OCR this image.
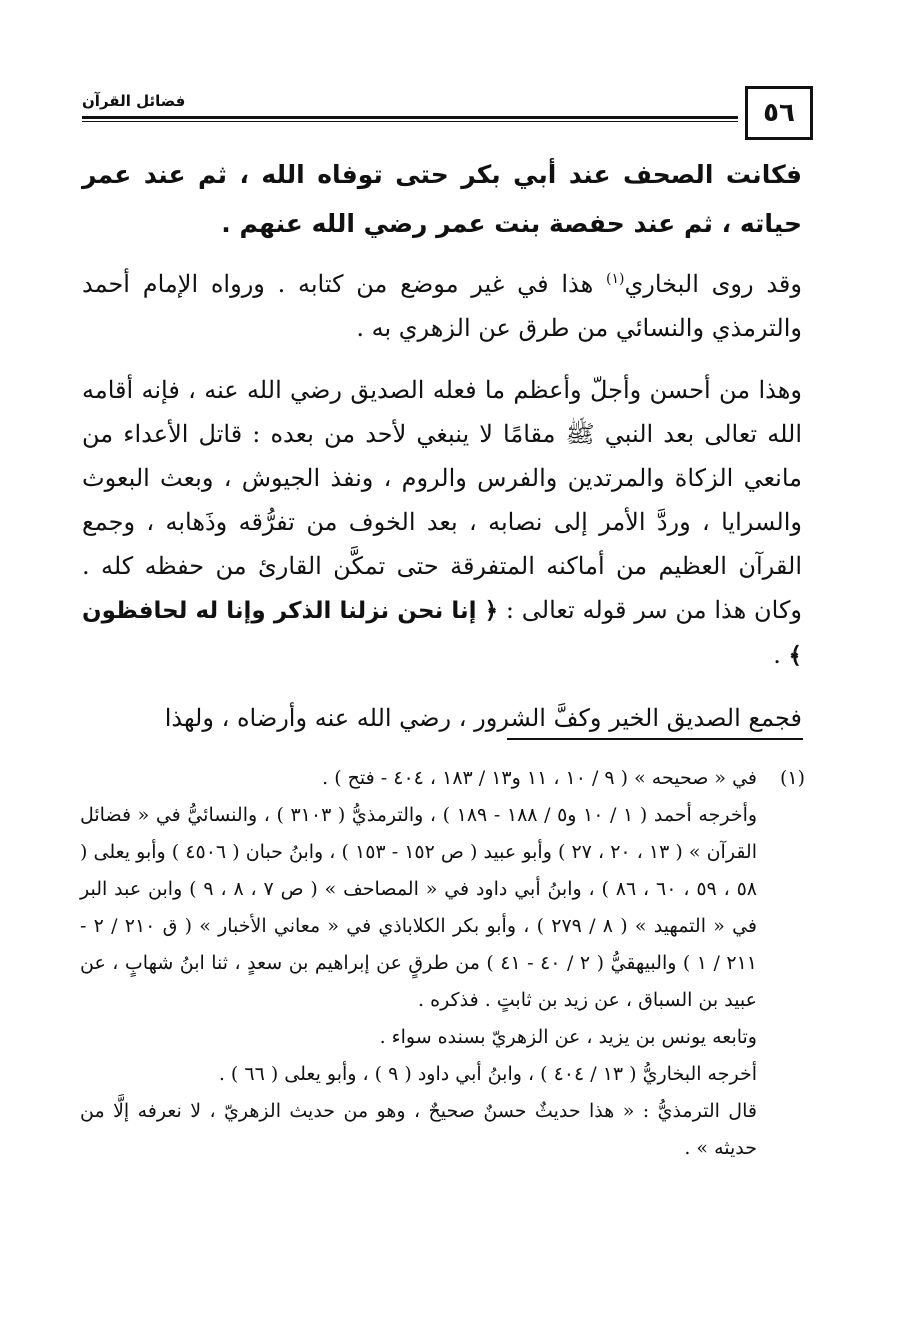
٥٦
فضائل القرآن

فكانت الصحف عند أبي بكر حتى توفاه الله ، ثم عند عمر حياته ، ثم عند حفصة بنت عمر رضي الله عنهم .

وقد روى البخاري$^{(١)}$ هذا في غير موضع من كتابه . ورواه الإمام أحمد والترمذي والنسائي من طرق عن الزهري به .

وهذا من أحسن وأجلّ وأعظم ما فعله الصديق رضي الله عنه ، فإنه أقامه الله تعالى بعد النبي ﷺ مقامًا لا ينبغي لأحد من بعده : قاتل الأعداء من مانعي الزكاة والمرتدين والفرس والروم ، ونفذ الجيوش ، وبعث البعوث والسرايا ، وردَّ الأمر إلى نصابه ، بعد الخوف من تفرُّقه وذَهابه ، وجمع القرآن العظيم من أماكنه المتفرقة حتى تمكَّن القارئ من حفظه كله . وكان هذا من سر قوله تعالى : ﴿ إنا نحن نزلنا الذكر وإنا له لحافظون ﴾ .

فجمع الصديق الخير وكفَّ الشرور ، رضي الله عنه وأرضاه ، ولهذا

(١)

في « صحيحه » ( ٩ / ١٠ ، ١١ و١٣ / ١٨٣ ، ٤٠٤ - فتح ) .

وأخرجه أحمد ( ١ / ١٠ و٥ / ١٨٨ - ١٨٩ ) ، والترمذيُّ ( ٣١٠٣ ) ، والنسائيُّ في « فضائل القرآن » ( ١٣ ، ٢٠ ، ٢٧ ) وأبو عبيد ( ص ١٥٢ - ١٥٣ ) ، وابنُ حبان ( ٤٥٠٦ ) وأبو يعلى ( ٥٨ ، ٥٩ ، ٦٠ ، ٨٦ ) ، وابنُ أبي داود في « المصاحف » ( ص ٧ ، ٨ ، ٩ ) وابن عبد البر في « التمهيد » ( ٨ / ٢٧٩ ) ، وأبو بكر الكلاباذي في « معاني الأخبار » ( ق ٢١٠ / ٢ - ٢١١ / ١ ) والبيهقيُّ ( ٢ / ٤٠ - ٤١ ) من طرقٍ عن إبراهيم بن سعدٍ ، ثنا ابنُ شهابٍ ، عن عبيد بن السباق ، عن زيد بن ثابتٍ . فذكره .

وتابعه يونس بن يزيد ، عن الزهريّ بسنده سواء .

أخرجه البخاريُّ ( ١٣ / ٤٠٤ ) ، وابنُ أبي داود ( ٩ ) ، وأبو يعلى ( ٦٦ ) .

قال الترمذيُّ : « هذا حديثٌ حسنٌ صحيحٌ ، وهو من حديث الزهريّ ، لا نعرفه إلَّا من حديثه » .
